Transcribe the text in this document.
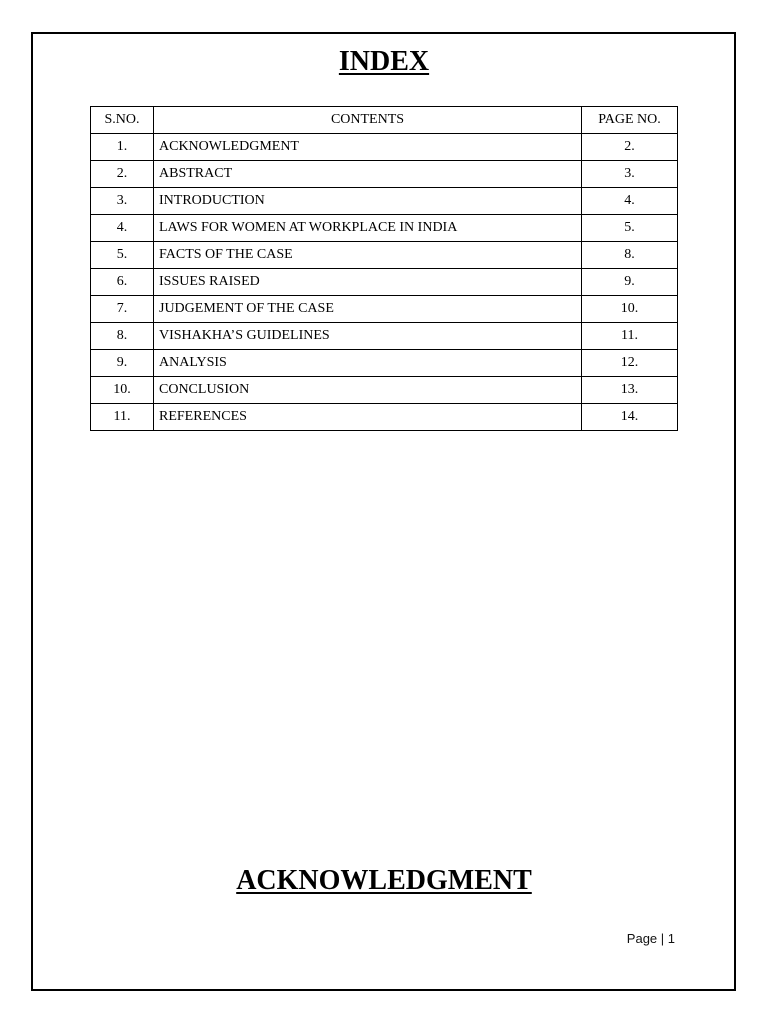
INDEX
S.NO.	CONTENTS	PAGE NO.
1.	ACKNOWLEDGMENT	2.
2.	ABSTRACT	3.
3.	INTRODUCTION	4.
4.	LAWS FOR WOMEN AT WORKPLACE IN INDIA	5.
5.	FACTS OF THE CASE	8.
6.	ISSUES RAISED	9.
7.	JUDGEMENT OF THE CASE	10.
8.	VISHAKHA’S GUIDELINES	11.
9.	ANALYSIS	12.
10.	CONCLUSION	13.
11.	REFERENCES	14.
ACKNOWLEDGMENT
Page | 1
